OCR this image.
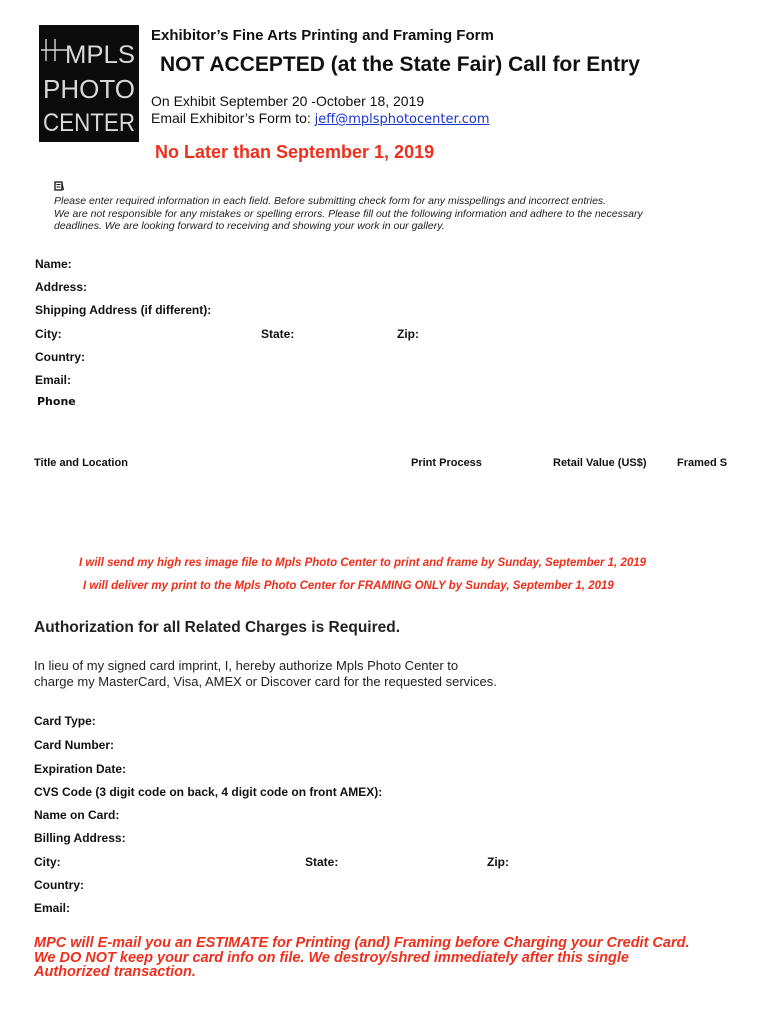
MPLS
PHOTO
CENTER
Exhibitor’s Fine Arts Printing and Framing Form
NOT ACCEPTED (at the State Fair) Call for Entry
On Exhibit September 20 -October 18, 2019
Email Exhibitor’s Form to: jeff@mplsphotocenter.com
No Later than September 1, 2019

Please enter required information in each field. Before submitting check form for any misspellings and incorrect entries.

We are not responsible for any mistakes or spelling errors. Please fill out the following information and adhere to the necessary

deadlines. We are looking forward to receiving and showing your work in our gallery.

Name:
Address:
Shipping Address (if different):
City:	State:	Zip:
Country:
Email:
Phone
Title and Location	Print Process	Retail Value (US$)	Framed S
I will send my high res image file to Mpls Photo Center to print and frame by Sunday, September 1, 2019
I will deliver my print to the Mpls Photo Center for FRAMING ONLY by Sunday, September 1, 2019
Authorization for all Related Charges is Required.
In lieu of my signed card imprint, I, hereby authorize Mpls Photo Center to
charge my MasterCard, Visa, AMEX or Discover card for the requested services.
Card Type:
Card Number:
Expiration Date:
CVS Code (3 digit code on back, 4 digit code on front AMEX):
Name on Card:
Billing Address:
City:	State:	Zip:
Country:
Email:
MPC will E-mail you an ESTIMATE for Printing (and) Framing before Charging your Credit Card.
We DO NOT keep your card info on file. We destroy/shred immediately after this single
Authorized transaction.
